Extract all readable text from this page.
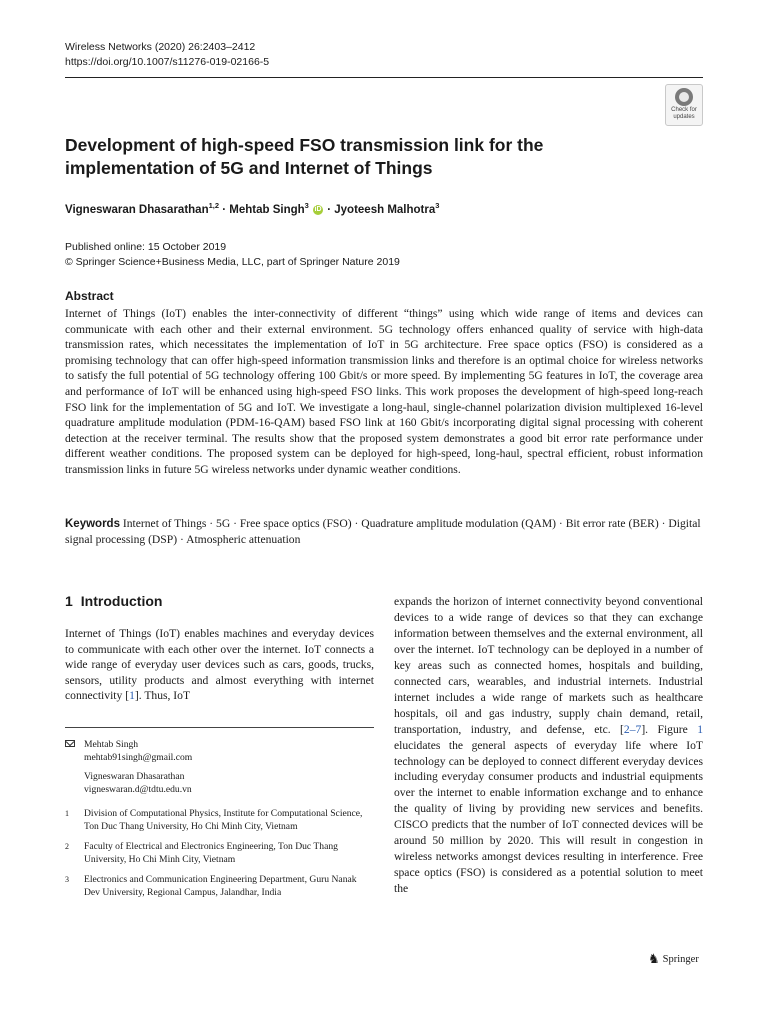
Wireless Networks (2020) 26:2403–2412
https://doi.org/10.1007/s11276-019-02166-5
Check for updates
Development of high-speed FSO transmission link for the implementation of 5G and Internet of Things
Vigneswaran Dhasarathan$^{1,2}$ · Mehtab Singh$^3$ iD · Jyoteesh Malhotra$^3$
Published online: 15 October 2019
© Springer Science+Business Media, LLC, part of Springer Nature 2019
Abstract
Internet of Things (IoT) enables the inter-connectivity of different “things” using which wide range of items and devices can communicate with each other and their external environment. 5G technology offers enhanced quality of service with high-data transmission rates, which necessitates the implementation of IoT in 5G architecture. Free space optics (FSO) is considered as a promising technology that can offer high-speed information transmission links and therefore is an optimal choice for wireless networks to satisfy the full potential of 5G technology offering 100 Gbit/s or more speed. By implementing 5G features in IoT, the coverage area and performance of IoT will be enhanced using high-speed FSO links. This work proposes the development of high-speed long-reach FSO link for the implementation of 5G and IoT. We investigate a long-haul, single-channel polarization division multiplexed 16-level quadrature amplitude modulation (PDM-16-QAM) based FSO link at 160 Gbit/s incorporating digital signal processing with coherent detection at the receiver terminal. The results show that the proposed system demonstrates a good bit error rate performance under different weather conditions. The proposed system can be deployed for high-speed, long-haul, spectral efficient, robust information transmission links in future 5G wireless networks under dynamic weather conditions.
Keywords Internet of Things · 5G · Free space optics (FSO) · Quadrature amplitude modulation (QAM) · Bit error rate (BER) · Digital signal processing (DSP) · Atmospheric attenuation
1 Introduction
Internet of Things (IoT) enables machines and everyday devices to communicate with each other over the internet. IoT connects a wide range of everyday user devices such as cars, goods, trucks, sensors, utility products and almost everything with internet connectivity [1]. Thus, IoT
Mehtab Singh
mehtab91singh@gmail.com
Vigneswaran Dhasarathan
vigneswaran.d@tdtu.edu.vn
1 Division of Computational Physics, Institute for Computational Science, Ton Duc Thang University, Ho Chi Minh City, Vietnam
2 Faculty of Electrical and Electronics Engineering, Ton Duc Thang University, Ho Chi Minh City, Vietnam
3 Electronics and Communication Engineering Department, Guru Nanak Dev University, Regional Campus, Jalandhar, India
expands the horizon of internet connectivity beyond conventional devices to a wide range of devices so that they can exchange information between themselves and the external environment, all over the internet. IoT technology can be deployed in a number of key areas such as connected homes, hospitals and building, connected cars, wearables, and industrial internets. Industrial internet includes a wide range of markets such as healthcare hospitals, oil and gas industry, supply chain demand, retail, transportation, industry, and defense, etc. [2–7]. Figure 1 elucidates the general aspects of everyday life where IoT technology can be deployed to connect different everyday devices including everyday consumer products and industrial equipments over the internet to enable information exchange and to enhance the quality of living by providing new services and benefits. CISCO predicts that the number of IoT connected devices will be around 50 million by 2020. This will result in congestion in wireless networks amongst devices resulting in interference. Free space optics (FSO) is considered as a potential solution to meet the
♞ Springer
